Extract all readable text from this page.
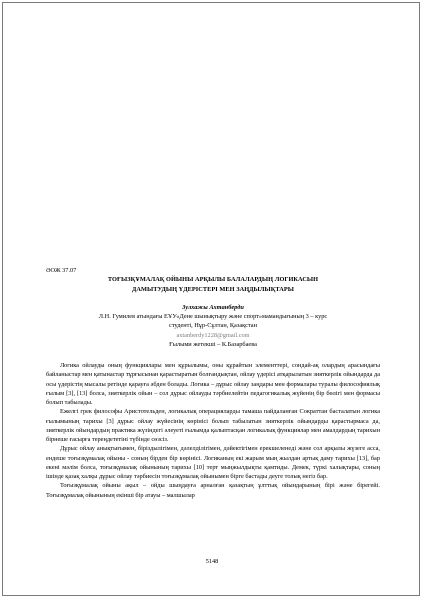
ӘОЖ 37.07

ТОҒЫЗҚҰМАЛАҚ ОЙЫНЫ АРҚЫЛЫ БАЛАЛАРДЫҢ ЛОГИКАСЫН

ДАМЫТУДЫҢ ҮДЕРІСТЕРІ МЕН ЗАҢДЫЛЫҚТАРЫ

Зулхажы Ахтанберди

Л.Н. Гумилев атындағы ЕҰУ«Дене шынықтыру және спорт»мамандығының 3 – курс

студенті, Нұр-Сұлтан, Қазақстан

axtanberdy1228@gmail.com

Ғылыми жетекші – К.Базарбаева

Логика ойлауды оның функциялары мен құрылымы, оны құрайтын элементтері, сондай-ақ олардың арасындағы байланыстар мен қатынастар тұрғысынан қарастыратын болғандықтан, ойлау үдерісі атқарылатын зияткерлік ойындарда да осы үдерістің мысалы ретінде қарауға әбден болады. Логика – дұрыс ойлау заңдары мен формалары туралы философиялық ғылым [3], [13] болса, зияткерлік ойын – сол дұрыс ойлауды тәрбиелейтін педагогикалық жүйенің бір бөлігі мен формасы болып табылады.

Ежелгі грек философы Аристотельден, логикалық операцияларды тамаша пайдаланған Сократтан басталатын логика ғылымының тарихы [3] дұрыс ойлау жүйесінің көрінісі болып табылатын зияткерлік ойындарды қарастырмаса да, зияткерлік ойындардың практика жүзіндегі әлеуеті ғылымда қалыптасқан логикалық функциялар мен амалдардың тарихын бірнеше ғасырға тереңдететіні түбінде сөзсіз.

Дұрыс ойлау анықтығымен, біріздылігімен, дәлелділігімен, дәйектігімен ерекшеленеді және сол арқылы жүзеге асса, ендеше тоғызқұмалақ ойыны - соның бірден бір көрінісі. Логиканың екі жарым мың жылдан артық даму тарихы [13], бар екені мәлім болса, тоғызқұмалақ ойынының тарихы [10] терт мыңжылдықты қамтиды. Демек, түркі халықтары, соның ішінде қазақ халқы дұрыс ойлау тәрбиесін тоғызқұмалақ ойынымен бірге бастады деуге толық негіз бар.

Тоғызқұмалақ ойыны ақыл – ойды шыңдауға арналған қазақтың ұлттық ойындарының бірі және бірегейі. Тоғызқұмалақ ойынының екінші бір атауы – малшылар

5148
